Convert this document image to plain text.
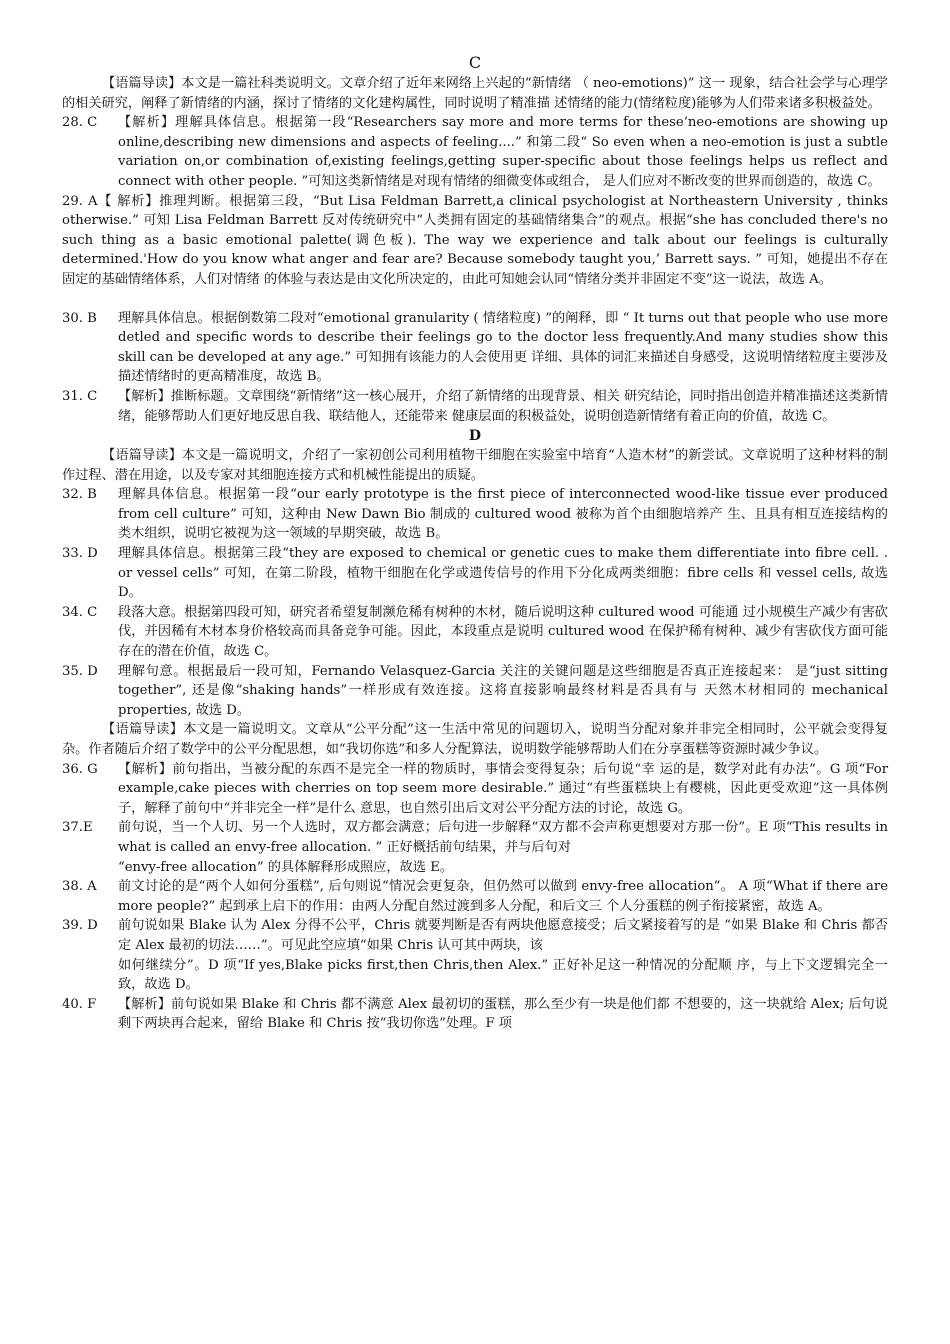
C

【语篇导读】本文是一篇社科类说明文。文章介绍了近年来网络上兴起的“新情绪 （ neo-emotions)” 这一 现象，结合社会学与心理学的相关研究，阐释了新情绪的内涵，探讨了情绪的文化建构属性，同时说明了精准描 述情绪的能力(情绪粒度)能够为人们带来诸多积极益处。

28. C	【解析】理解具体信息。根据第一段“Researchers say more and more terms for these‘neo-emotions are showing up online,describing new dimensions and aspects of feeling....” 和第二段“ So even when a neo-emotion is just a subtle variation on,or combination of,existing feelings,getting super-specific about those feelings helps us reflect and connect with other people. ”可知这类新情绪是对现有情绪的细微变体或组合， 是人们应对不断改变的世界而创造的，故选 C。
29. A【 解析】推理判断。根据第三段，“But Lisa Feldman Barrett,a clinical psychologist at Northeastern University , thinks otherwise.” 可知 Lisa Feldman Barrett 反对传统研究中“人类拥有固定的基础情绪集合”的观点。根据“she has concluded there's no such thing as a basic emotional palette(调色板). The way we experience and talk about our feelings is culturally determined.'How do you know what anger and fear are? Because somebody taught you,’ Barrett says. ” 可知，她提出不存在固定的基础情绪体系，人们对情绪 的体验与表达是由文化所决定的，由此可知她会认同“情绪分类并非固定不变”这一说法，故选 A。
30. B	理解具体信息。根据倒数第二段对“emotional granularity ( 情绪粒度) ”的阐释，即 “ It turns out that people who use more detled and specific words to describe their feelings go to the doctor less frequently.And many studies show this skill can be developed at any age.” 可知拥有该能力的人会使用更 详细、具体的词汇来描述自身感受，这说明情绪粒度主要涉及描述情绪时的更高精准度，故选 B。
31. C	【解析】推断标题。文章围绕“新情绪”这一核心展开，介绍了新情绪的出现背景、相关 研究结论，同时指出创造并精准描述这类新情绪，能够帮助人们更好地反思自我、联结他人，还能带来 健康层面的积极益处，说明创造新情绪有着正向的价值，故选 C。
D

【语篇导读】本文是一篇说明文，介绍了一家初创公司利用植物干细胞在实验室中培育“人造木材”的新尝试。文章说明了这种材料的制作过程、潜在用途，以及专家对其细胞连接方式和机械性能提出的质疑。

32. B	理解具体信息。根据第一段“our early prototype is the first piece of interconnected wood-like tissue ever produced from cell culture” 可知，这种由 New Dawn Bio 制成的 cultured wood 被称为首个由细胞培养产 生、且具有相互连接结构的类木组织，说明它被视为这一领域的早期突破，故选 B。
33. D	理解具体信息。根据第三段“they are exposed to chemical or genetic cues to make them differentiate into fibre cell. . or vessel cells” 可知，在第二阶段，植物干细胞在化学或遗传信号的作用下分化成两类细胞：fibre cells 和 vessel cells, 故选 D。
34. C	段落大意。根据第四段可知，研究者希望复制濒危稀有树种的木材，随后说明这种 cultured wood 可能通 过小规模生产减少有害砍伐，并因稀有木材本身价格较高而具备竞争可能。因此，本段重点是说明 cultured wood 在保护稀有树种、减少有害砍伐方面可能存在的潜在价值，故选 C。
35. D	理解句意。根据最后一段可知，Fernando Velasquez-Garcia 关注的关键问题是这些细胞是否真正连接起来： 是“just sitting together”, 还是像“shaking hands”一样形成有效连接。这将直接影响最终材料是否具有与 天然木材相同的 mechanical properties, 故选 D。

【语篇导读】本文是一篇说明文。文章从“公平分配”这一生活中常见的问题切入，说明当分配对象并非完全相同时，公平就会变得复杂。作者随后介绍了数学中的公平分配思想，如“我切你选”和多人分配算法，说明数学能够帮助人们在分享蛋糕等资源时减少争议。

36. G	【解析】前句指出，当被分配的东西不是完全一样的物质时，事情会变得复杂；后句说“幸 运的是，数学对此有办法”。G 项“For example,cake pieces with cherries on top seem more desirable.” 通过“有些蛋糕块上有樱桃，因此更受欢迎”这一具体例子，解释了前句中“并非完全一样”是什么 意思，也自然引出后文对公平分配方法的讨论，故选 G。
37.E	前句说，当一个人切、另一个人选时，双方都会满意；后句进一步解释“双方都不会声称更想要对方那一份”。E 项“This results in what is called an envy-free allocation. ” 正好概括前句结果，并与后句对
“envy-free allocation” 的具体解释形成照应，故选 E。
38. A	前文讨论的是“两个人如何分蛋糕”, 后句则说“情况会更复杂，但仍然可以做到 envy-free allocation”。 A 项“What if there are more people?” 起到承上启下的作用：由两人分配自然过渡到多人分配，和后文三 个人分蛋糕的例子衔接紧密，故选 A。
39. D	前句说如果 Blake 认为 Alex 分得不公平，Chris 就要判断是否有两块他愿意接受；后文紧接着写的是 “如果 Blake 和 Chris 都否定 Alex 最初的切法……”。可见此空应填“如果 Chris 认可其中两块，该
如何继续分”。D 项“If yes,Blake picks first,then Chris,then Alex.” 正好补足这一种情况的分配顺 序，与上下文逻辑完全一致，故选 D。
40. F	【解析】前句说如果 Blake 和 Chris 都不满意 Alex 最初切的蛋糕，那么至少有一块是他们都 不想要的，这一块就给 Alex; 后句说剩下两块再合起来，留给 Blake 和 Chris 按“我切你选”处理。F 项
